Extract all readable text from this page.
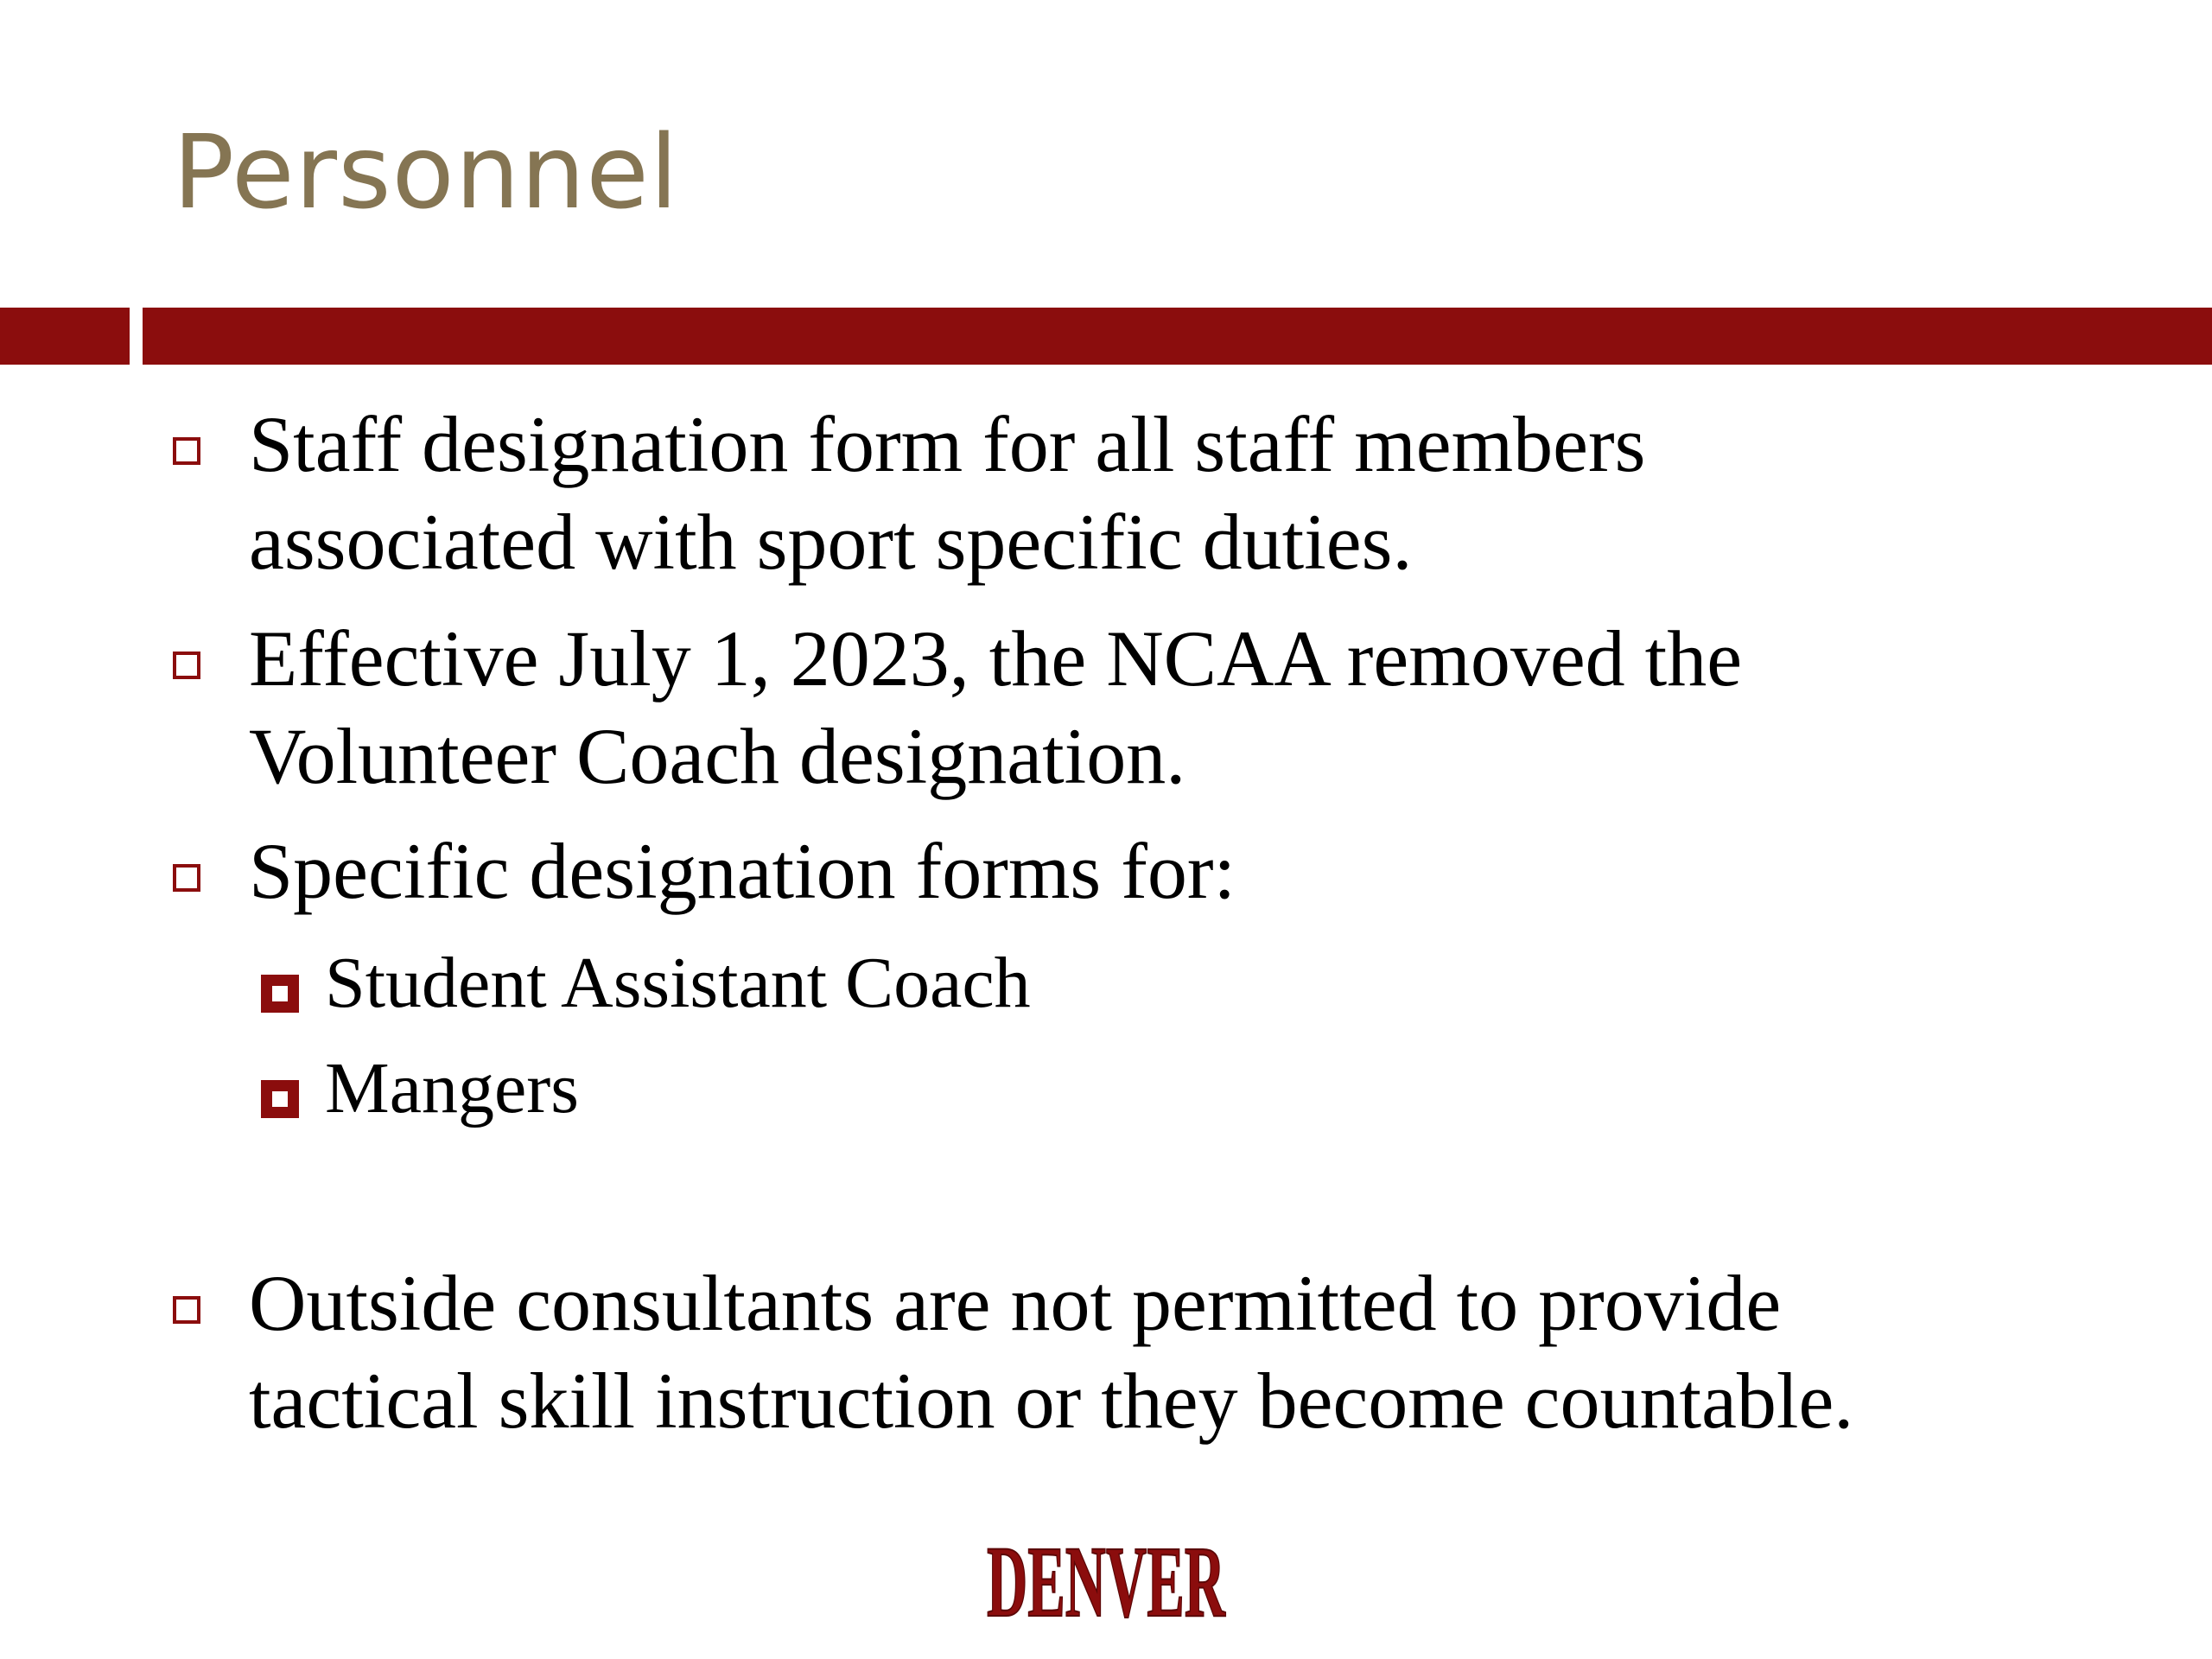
Personnel
Staff designation form for all staff members
associated with sport specific duties.
Effective July 1, 2023, the NCAA removed the
Volunteer Coach designation.
Specific designation forms for:
Student Assistant Coach
Mangers
Outside consultants are not permitted to provide
tactical skill instruction or they become countable.
DENVER
